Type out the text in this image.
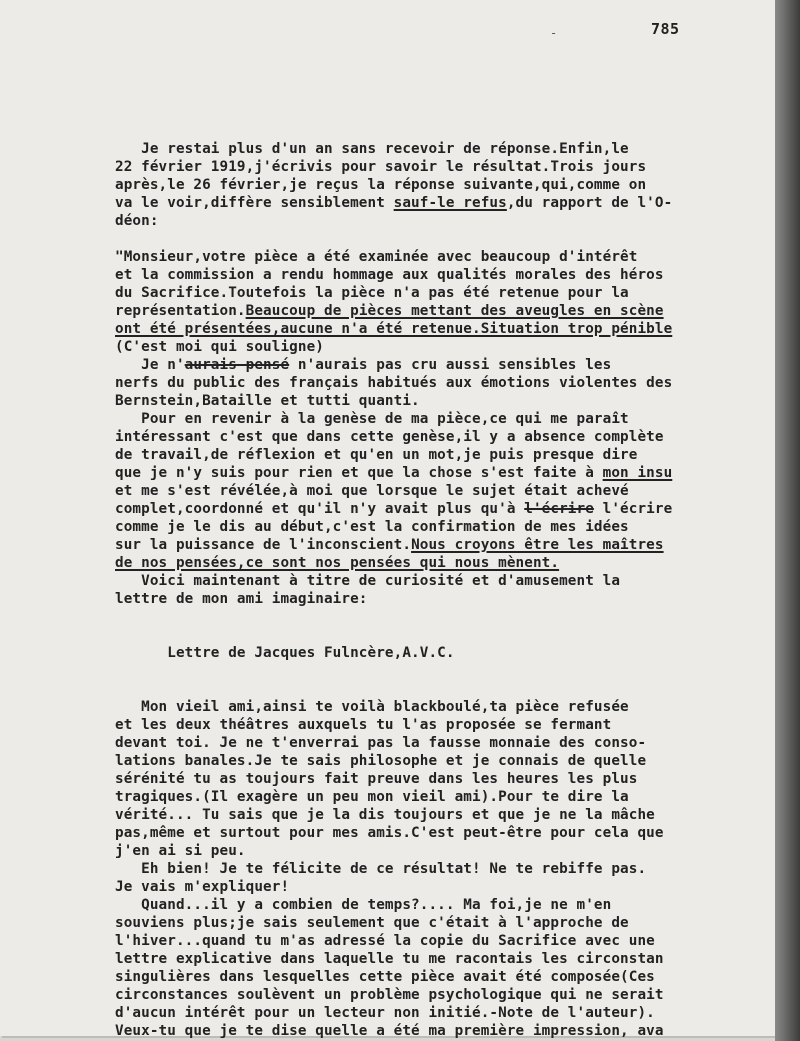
-	785
Je restai plus d'un an sans recevoir de réponse.Enfin,le
22 février 1919,j'écrivis pour savoir le résultat.Trois jours
après,le 26 février,je reçus la réponse suivante,qui,comme on
va le voir,diffère sensiblement sauf-le refus,du rapport de l'O-
déon:
"Monsieur,votre pièce a été examinée avec beaucoup d'intérêt
et la commission a rendu hommage aux qualités morales des héros
du Sacrifice.Toutefois la pièce n'a pas été retenue pour la
représentation.Beaucoup de pièces mettant des aveugles en scène
ont été présentées,aucune n'a été retenue.Situation trop pénible
(C'est moi qui souligne)
Je n'aurais pensé n'aurais pas cru aussi sensibles les
nerfs du public des français habitués aux émotions violentes des
Bernstein,Bataille et tutti quanti.
Pour en revenir à la genèse de ma pièce,ce qui me paraît
intéressant c'est que dans cette genèse,il y a absence complète
de travail,de réflexion et qu'en un mot,je puis presque dire
que je n'y suis pour rien et que la chose s'est faite à mon insu
et me s'est révélée,à moi que lorsque le sujet était achevé
complet,coordonné et qu'il n'y avait plus qu'à l'écrire l'écrire
comme je le dis au début,c'est la confirmation de mes idées
sur la puissance de l'inconscient.Nous croyons être les maîtres
de nos pensées,ce sont nos pensées qui nous mènent.
Voici maintenant à titre de curiosité et d'amusement la
lettre de mon ami imaginaire:
Lettre de Jacques Fulncère,A.V.C.
Mon vieil ami,ainsi te voilà blackboulé,ta pièce refusée
et les deux théâtres auxquels tu l'as proposée se fermant
devant toi. Je ne t'enverrai pas la fausse monnaie des conso-
lations banales.Je te sais philosophe et je connais de quelle
sérénité tu as toujours fait preuve dans les heures les plus
tragiques.(Il exagère un peu mon vieil ami).Pour te dire la
vérité... Tu sais que je la dis toujours et que je ne la mâche
pas,même et surtout pour mes amis.C'est peut-être pour cela que
j'en ai si peu.
Eh bien! Je te félicite de ce résultat! Ne te rebiffe pas.
Je vais m'expliquer!
Quand...il y a combien de temps?.... Ma foi,je ne m'en
souviens plus;je sais seulement que c'était à l'approche de
l'hiver...quand tu m'as adressé la copie du Sacrifice avec une
lettre explicative dans laquelle tu me racontais les circonstan
singulières dans lesquelles cette pièce avait été composée(Ces
circonstances soulèvent un problème psychologique qui ne serait
d'aucun intérêt pour un lecteur non initié.-Note de l'auteur).
Veux-tu que je te dise quelle a été ma première impression, ava
